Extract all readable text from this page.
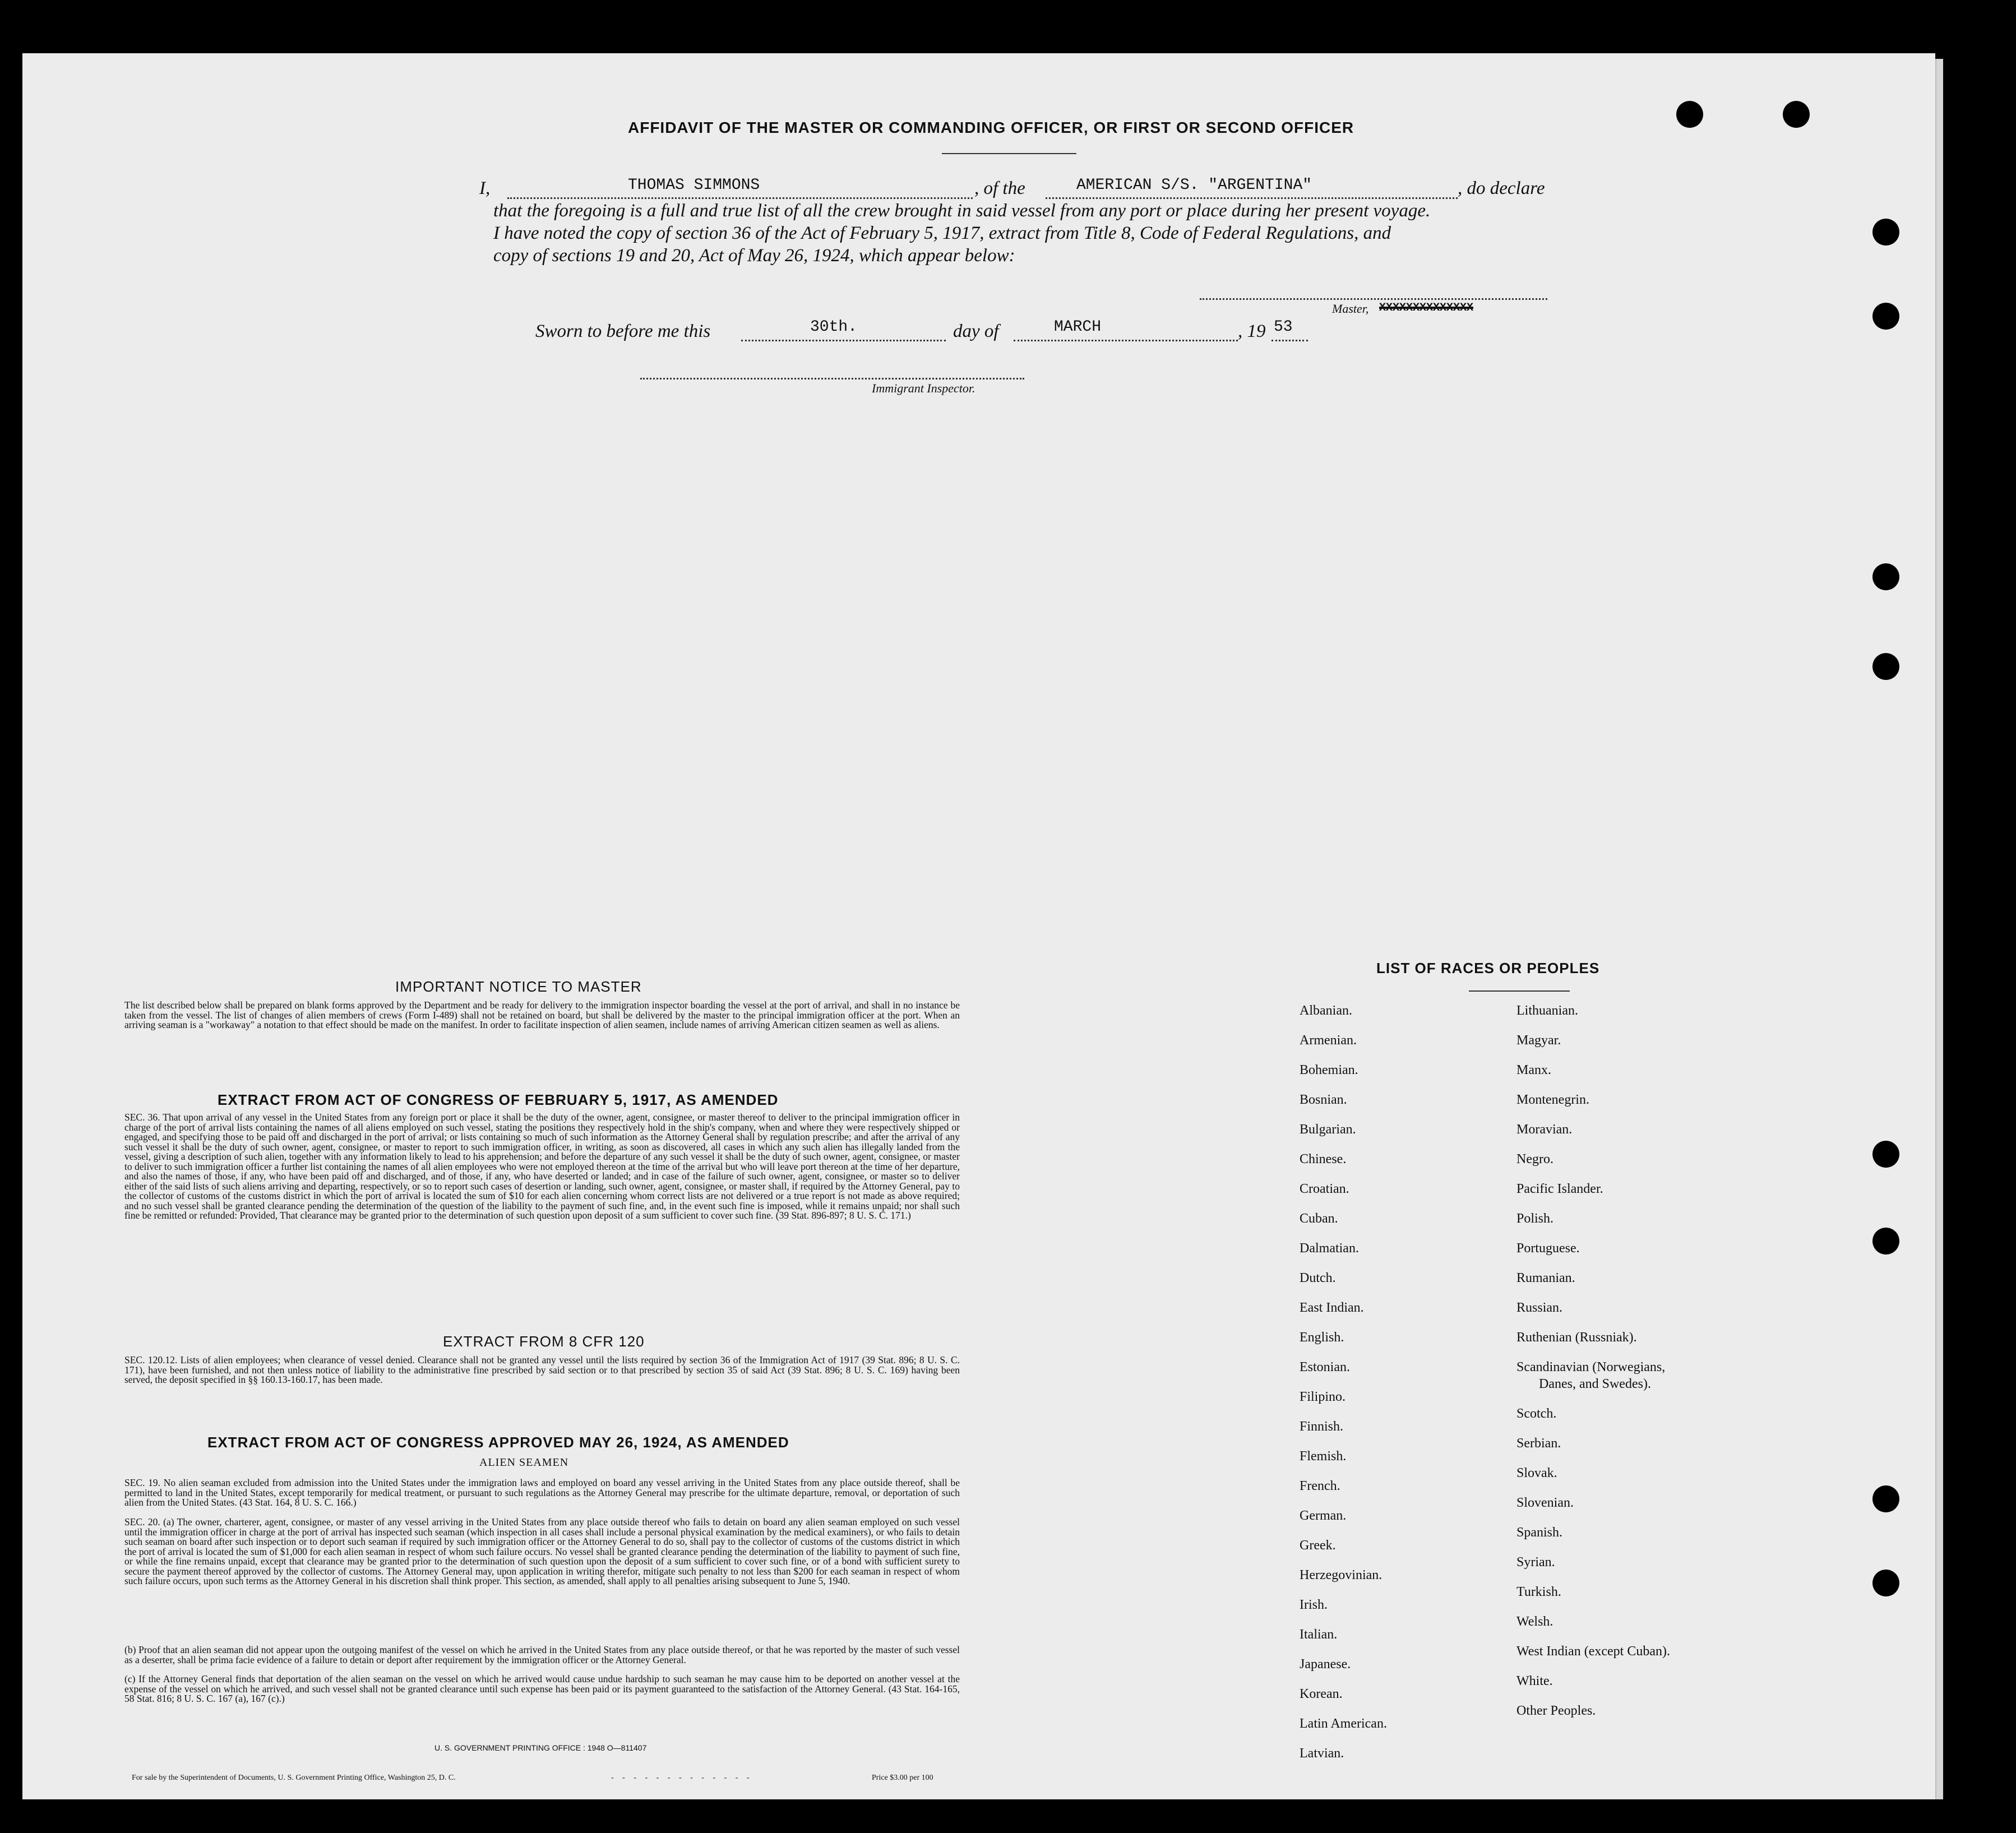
AFFIDAVIT OF THE MASTER OR COMMANDING OFFICER, OR FIRST OR SECOND OFFICER
I,	THOMAS SIMMONS	, of the	AMERICAN S/S. "ARGENTINA"	, do declare
that the foregoing is a full and true list of all the crew brought in said vessel from any port or place during her present voyage.
I have noted the copy of section 36 of the Act of February 5, 1917, extract from Title 8, Code of Federal Regulations, and
copy of sections 19 and 20, Act of May 26, 1924, which appear below:
Master, XXXXXXXXXXXXXX
Sworn to before me this	30th.	day of	MARCH	, 19 53
Immigrant Inspector.
IMPORTANT NOTICE TO MASTER
The list described below shall be prepared on blank forms approved by the Department and be ready for delivery to the immigration inspector boarding the vessel at the port of arrival, and shall in no instance be taken from the vessel. The list of changes of alien members of crews (Form I-489) shall not be retained on board, but shall be delivered by the master to the principal immigration officer at the port. When an arriving seaman is a "workaway" a notation to that effect should be made on the manifest. In order to facilitate inspection of alien seamen, include names of arriving American citizen seamen as well as aliens.
EXTRACT FROM ACT OF CONGRESS OF FEBRUARY 5, 1917, AS AMENDED
SEC. 36. That upon arrival of any vessel in the United States from any foreign port or place it shall be the duty of the owner, agent, consignee, or master thereof to deliver to the principal immigration officer in charge of the port of arrival lists containing the names of all aliens employed on such vessel, stating the positions they respectively hold in the ship's company, when and where they were respectively shipped or engaged, and specifying those to be paid off and discharged in the port of arrival; or lists containing so much of such information as the Attorney General shall by regulation prescribe; and after the arrival of any such vessel it shall be the duty of such owner, agent, consignee, or master to report to such immigration officer, in writing, as soon as discovered, all cases in which any such alien has illegally landed from the vessel, giving a description of such alien, together with any information likely to lead to his apprehension; and before the departure of any such vessel it shall be the duty of such owner, agent, consignee, or master to deliver to such immigration officer a further list containing the names of all alien employees who were not employed thereon at the time of the arrival but who will leave port thereon at the time of her departure, and also the names of those, if any, who have been paid off and discharged, and of those, if any, who have deserted or landed; and in case of the failure of such owner, agent, consignee, or master so to deliver either of the said lists of such aliens arriving and departing, respectively, or so to report such cases of desertion or landing, such owner, agent, consignee, or master shall, if required by the Attorney General, pay to the collector of customs of the customs district in which the port of arrival is located the sum of $10 for each alien concerning whom correct lists are not delivered or a true report is not made as above required; and no such vessel shall be granted clearance pending the determination of the question of the liability to the payment of such fine, and, in the event such fine is imposed, while it remains unpaid; nor shall such fine be remitted or refunded: Provided, That clearance may be granted prior to the determination of such question upon deposit of a sum sufficient to cover such fine. (39 Stat. 896-897; 8 U. S. C. 171.)
EXTRACT FROM 8 CFR 120
SEC. 120.12. Lists of alien employees; when clearance of vessel denied. Clearance shall not be granted any vessel until the lists required by section 36 of the Immigration Act of 1917 (39 Stat. 896; 8 U. S. C. 171), have been furnished, and not then unless notice of liability to the administrative fine prescribed by said section or to that prescribed by section 35 of said Act (39 Stat. 896; 8 U. S. C. 169) having been served, the deposit specified in §§ 160.13-160.17, has been made.
EXTRACT FROM ACT OF CONGRESS APPROVED MAY 26, 1924, AS AMENDED
ALIEN SEAMEN
SEC. 19. No alien seaman excluded from admission into the United States under the immigration laws and employed on board any vessel arriving in the United States from any place outside thereof, shall be permitted to land in the United States, except temporarily for medical treatment, or pursuant to such regulations as the Attorney General may prescribe for the ultimate departure, removal, or deportation of such alien from the United States. (43 Stat. 164, 8 U. S. C. 166.)
SEC. 20. (a) The owner, charterer, agent, consignee, or master of any vessel arriving in the United States from any place outside thereof who fails to detain on board any alien seaman employed on such vessel until the immigration officer in charge at the port of arrival has inspected such seaman (which inspection in all cases shall include a personal physical examination by the medical examiners), or who fails to detain such seaman on board after such inspection or to deport such seaman if required by such immigration officer or the Attorney General to do so, shall pay to the collector of customs of the customs district in which the port of arrival is located the sum of $1,000 for each alien seaman in respect of whom such failure occurs. No vessel shall be granted clearance pending the determination of the liability to payment of such fine, or while the fine remains unpaid, except that clearance may be granted prior to the determination of such question upon the deposit of a sum sufficient to cover such fine, or of a bond with sufficient surety to secure the payment thereof approved by the collector of customs. The Attorney General may, upon application in writing therefor, mitigate such penalty to not less than $200 for each seaman in respect of whom such failure occurs, upon such terms as the Attorney General in his discretion shall think proper. This section, as amended, shall apply to all penalties arising subsequent to June 5, 1940.
(b) Proof that an alien seaman did not appear upon the outgoing manifest of the vessel on which he arrived in the United States from any place outside thereof, or that he was reported by the master of such vessel as a deserter, shall be prima facie evidence of a failure to detain or deport after requirement by the immigration officer or the Attorney General.
(c) If the Attorney General finds that deportation of the alien seaman on the vessel on which he arrived would cause undue hardship to such seaman he may cause him to be deported on another vessel at the expense of the vessel on which he arrived, and such vessel shall not be granted clearance until such expense has been paid or its payment guaranteed to the satisfaction of the Attorney General. (43 Stat. 164-165, 58 Stat. 816; 8 U. S. C. 167 (a), 167 (c).)
U. S. GOVERNMENT PRINTING OFFICE : 1948 O—811407
For sale by the Superintendent of Documents, U. S. Government Printing Office, Washington 25, D. C.	- - - - - - - - - - - - -	Price $3.00 per 100
LIST OF RACES OR PEOPLES
Albanian.
Armenian.
Bohemian.
Bosnian.
Bulgarian.
Chinese.
Croatian.
Cuban.
Dalmatian.
Dutch.
East Indian.
English.
Estonian.
Filipino.
Finnish.
Flemish.
French.
German.
Greek.
Herzegovinian.
Irish.
Italian.
Japanese.
Korean.
Latin American.
Latvian.
Lithuanian.
Magyar.
Manx.
Montenegrin.
Moravian.
Negro.
Pacific Islander.
Polish.
Portuguese.
Rumanian.
Russian.
Ruthenian (Russniak).
Scandinavian (Norwegians,
Danes, and Swedes).
Scotch.
Serbian.
Slovak.
Slovenian.
Spanish.
Syrian.
Turkish.
Welsh.
West Indian (except Cuban).
White.
Other Peoples.
